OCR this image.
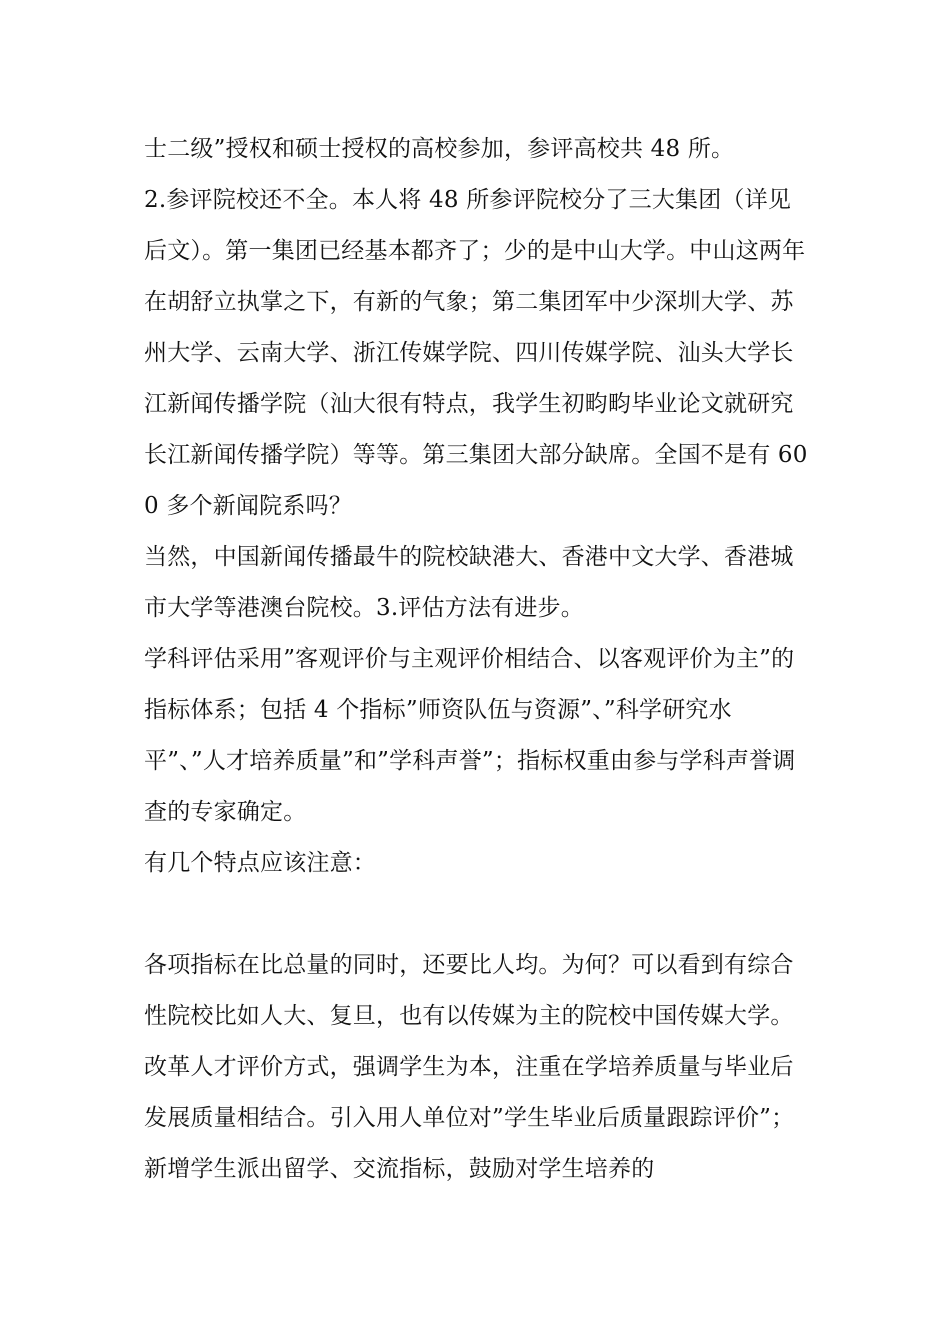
士二级”授权和硕士授权的高校参加，参评高校共 48 所。

2.参评院校还不全。本人将 48 所参评院校分了三大集团（详见后文）。第一集团已经基本都齐了；少的是中山大学。中山这两年在胡舒立执掌之下，有新的气象；第二集团军中少深圳大学、苏州大学、云南大学、浙江传媒学院、四川传媒学院、汕头大学长江新闻传播学院（汕大很有特点，我学生初畇畇毕业论文就研究长江新闻传播学院）等等。第三集团大部分缺席。全国不是有 600 多个新闻院系吗？

当然，中国新闻传播最牛的院校缺港大、香港中文大学、香港城市大学等港澳台院校。3.评估方法有进步。

学科评估采用”客观评价与主观评价相结合、以客观评价为主”的指标体系；包括 4 个指标”师资队伍与资源”、”科学研究水平”、”人才培养质量”和”学科声誉”；指标权重由参与学科声誉调查的专家确定。

有几个特点应该注意：

各项指标在比总量的同时，还要比人均。为何？可以看到有综合性院校比如人大、复旦，也有以传媒为主的院校中国传媒大学。

改革人才评价方式，强调学生为本，注重在学培养质量与毕业后发展质量相结合。引入用人单位对”学生毕业后质量跟踪评价”；新增学生派出留学、交流指标，鼓励对学生培养的
